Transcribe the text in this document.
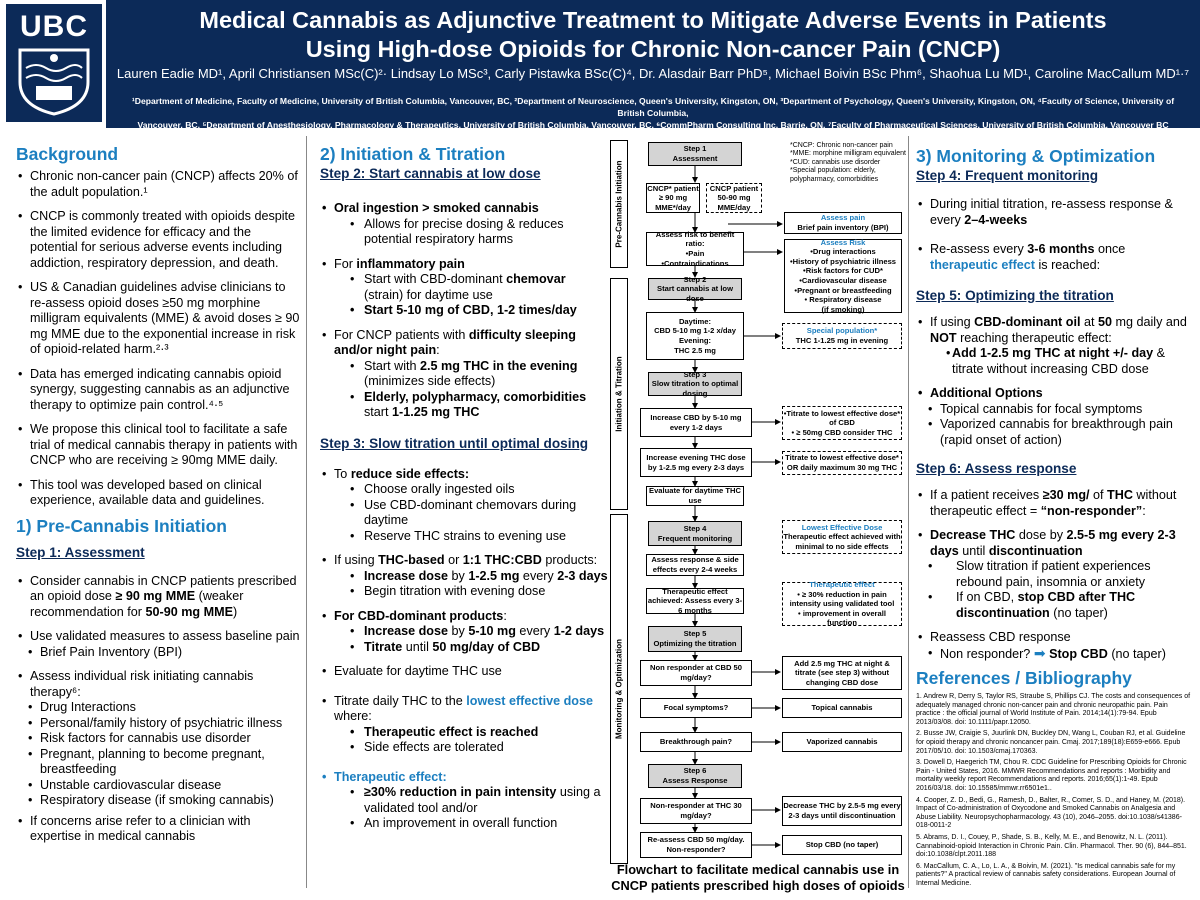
UBC	Medical Cannabis as Adjunctive Treatment to Mitigate Adverse Events in Patients
Using High-dose Opioids for Chronic Non-cancer Pain (CNCP)
Lauren Eadie MD¹, April Christiansen MSc(C)²· Lindsay Lo MSc³, Carly Pistawka BSc(C)⁴, Dr. Alasdair Barr PhD⁵, Michael Boivin BSc Phm⁶, Shaohua Lu MD¹, Caroline MacCallum MD¹·⁷
¹Department of Medicine, Faculty of Medicine, University of British Columbia, Vancouver, BC, ²Department of Neuroscience, Queen's University, Kingston, ON, ³Department of Psychology, Queen's University, Kingston, ON, ⁴Faculty of Science, University of British Columbia,
Vancouver, BC, ⁵Department of Anesthesiology, Pharmacology & Therapeutics, University of British Columbia, Vancouver, BC, ⁶CommPharm Consulting Inc, Barrie, ON, ⁷Faculty of Pharmaceutical Sciences, University of British Columbia, Vancouver BC
Background
• Chronic non-cancer pain (CNCP) affects 20% of the adult population.¹
• CNCP is commonly treated with opioids despite the limited evidence for efficacy and the potential for serious adverse events including addiction, respiratory depression, and death.
• US & Canadian guidelines advise clinicians to re-assess opioid doses ≥50 mg morphine milligram equivalents (MME) & avoid doses ≥ 90 mg MME due to the exponential increase in risk of opioid-related harm.²·³
• Data has emerged indicating cannabis opioid synergy, suggesting cannabis as an adjunctive therapy to optimize pain control.⁴·⁵
• We propose this clinical tool to facilitate a safe trial of medical cannabis therapy in patients with CNCP who are receiving ≥ 90mg MME daily.
• This tool was developed based on clinical experience, available data and guidelines.
1) Pre-Cannabis Initiation
Step 1: Assessment
• Consider cannabis in CNCP patients prescribed an opioid dose ≥ 90 mg MME (weaker recommendation for 50-90 mg MME)
• Use validated measures to assess baseline pain
• Brief Pain Inventory (BPI)
• Assess individual risk initiating cannabis therapy⁶:
• Drug Interactions
• Personal/family history of psychiatric illness
• Risk factors for cannabis use disorder
• Pregnant, planning to become pregnant, breastfeeding
• Unstable cardiovascular disease
• Respiratory disease (if smoking cannabis)
• If concerns arise refer to a clinician with expertise in medical cannabis
2) Initiation & Titration
Step 2: Start cannabis at low dose
• Oral ingestion > smoked cannabis
• Allows for precise dosing & reduces potential respiratory harms
• For inflammatory pain
• Start with CBD-dominant chemovar (strain) for daytime use
• Start 5-10 mg of CBD, 1-2 times/day
• For CNCP patients with difficulty sleeping and/or night pain:
• Start with 2.5 mg THC in the evening (minimizes side effects)
• Elderly, polypharmacy, comorbidities start 1-1.25 mg THC
Step 3: Slow titration until optimal dosing
• To reduce side effects:
• Choose orally ingested oils
• Use CBD-dominant chemovars during daytime
• Reserve THC strains to evening use
• If using THC-based or 1:1 THC:CBD products:
• Increase dose by 1-2.5 mg every 2-3 days
• Begin titration with evening dose
• For CBD-dominant products:
• Increase dose by 5-10 mg every 1-2 days
• Titrate until 50 mg/day of CBD
• Evaluate for daytime THC use
• Titrate daily THC to the lowest effective dose where:
• Therapeutic effect is reached
• Side effects are tolerated
• Therapeutic effect:
• ≥30% reduction in pain intensity using a validated tool and/or
• An improvement in overall function
Pre-Cannabis Initiation
Initiation & Titration
Monitoring & Optimization
Step 1
Assessment
CNCP* patient ≥ 90 mg MME*/day
CNCP patient 50-90 mg MME/day
Assess pain
Brief pain inventory (BPI)
Assess risk to benefit ratio:
•Pain
•Contraindications
Assess Risk
•Drug interactions
•History of psychiatric illness
•Risk factors for CUD*
•Cardiovascular disease
•Pregnant or breastfeeding
• Respiratory disease
(if smoking)
Step 2
Start cannabis at low dose
Daytime:
CBD 5-10 mg 1-2 x/day
Evening:
THC 2.5 mg
Special population*
THC 1-1.25 mg in evening
Step 3
Slow titration to optimal dosing
Increase CBD by 5-10 mg every 1-2 days
•Titrate to lowest effective dose* of CBD
• ≥ 50mg CBD consider THC
Increase evening THC dose by 1-2.5 mg every 2-3 days
Titrate to lowest effective dose* OR daily maximum 30 mg THC
Evaluate for daytime THC use
Step 4
Frequent monitoring
Lowest Effective Dose
Therapeutic effect achieved with minimal to no side effects
Assess response & side effects every 2-4 weeks
Therapeutic effect achieved: Assess every 3-6 months
Therapeutic effect
• ≥ 30% reduction in pain intensity using validated tool
• improvement in overall function
Step 5
Optimizing the titration
Non responder at CBD 50 mg/day?
Add 2.5 mg THC at night & titrate (see step 3) without changing CBD dose
Focal symptoms?	Topical cannabis
Breakthrough pain?	Vaporized cannabis
Step 6
Assess Response
Non-responder at THC 30 mg/day?
Decrease THC by 2.5-5 mg every 2-3 days until discontinuation
Re-assess CBD 50 mg/day. Non-responder?
Stop CBD (no taper)
*CNCP: Chronic non-cancer pain
*MME: morphine milligram equivalent
*CUD: cannabis use disorder
*Special population: elderly, polypharmacy, comorbidities
Flowchart to facilitate medical cannabis use in CNCP patients prescribed high doses of opioids
3) Monitoring & Optimization
Step 4: Frequent monitoring
• During initial titration, re-assess response & every 2–4-weeks
• Re-assess every 3-6 months once therapeutic effect is reached:
Step 5: Optimizing the titration
• If using CBD-dominant oil at 50 mg daily and NOT reaching therapeutic effect:
• Add 1-2.5 mg THC at night +/- day & titrate without increasing CBD dose
• Additional Options
• Topical cannabis for focal symptoms
• Vaporized cannabis for breakthrough pain (rapid onset of action)
Step 6: Assess response
• If a patient receives ≥30 mg/ of THC without therapeutic effect = “non-responder”:
• Decrease THC dose by 2.5-5 mg every 2-3 days until discontinuation
• Slow titration if patient experiences rebound pain, insomnia or anxiety
• If on CBD, stop CBD after THC discontinuation (no taper)
• Reassess CBD response
• Non responder? ➡ Stop CBD (no taper)
References / Bibliography
1. Andrew R, Derry S, Taylor RS, Straube S, Phillips CJ. The costs and consequences of adequately managed chronic non-cancer pain and chronic neuropathic pain. Pain practice : the official journal of World Institute of Pain. 2014;14(1):79-94. Epub 2013/03/08. doi: 10.1111/papr.12050.
2. Busse JW, Craigie S, Juurlink DN, Buckley DN, Wang L, Couban RJ, et al. Guideline for opioid therapy and chronic noncancer pain. Cmaj. 2017;189(18):E659-e666. Epub 2017/05/10. doi: 10.1503/cmaj.170363.
3. Dowell D, Haegerich TM, Chou R. CDC Guideline for Prescribing Opioids for Chronic Pain - United States, 2016. MMWR Recommendations and reports : Morbidity and mortality weekly report Recommendations and reports. 2016;65(1):1-49. Epub 2016/03/18. doi: 10.15585/mmwr.rr6501e1..
4. Cooper, Z. D., Bedi, G., Ramesh, D., Balter, R., Comer, S. D., and Haney, M. (2018). Impact of Co-administration of Oxycodone and Smoked Cannabis on Analgesia and Abuse Liability. Neuropsychopharmacology. 43 (10), 2046–2055. doi:10.1038/s41386-018-0011-2
5. Abrams, D. I., Couey, P., Shade, S. B., Kelly, M. E., and Benowitz, N. L. (2011). Cannabinoid-opioid Interaction in Chronic Pain. Clin. Pharmacol. Ther. 90 (6), 844–851. doi:10.1038/clpt.2011.188
6. MacCallum, C. A., Lo, L. A., & Boivin, M. (2021). "Is medical cannabis safe for my patients?" A practical review of cannabis safety considerations. European Journal of Internal Medicine.
